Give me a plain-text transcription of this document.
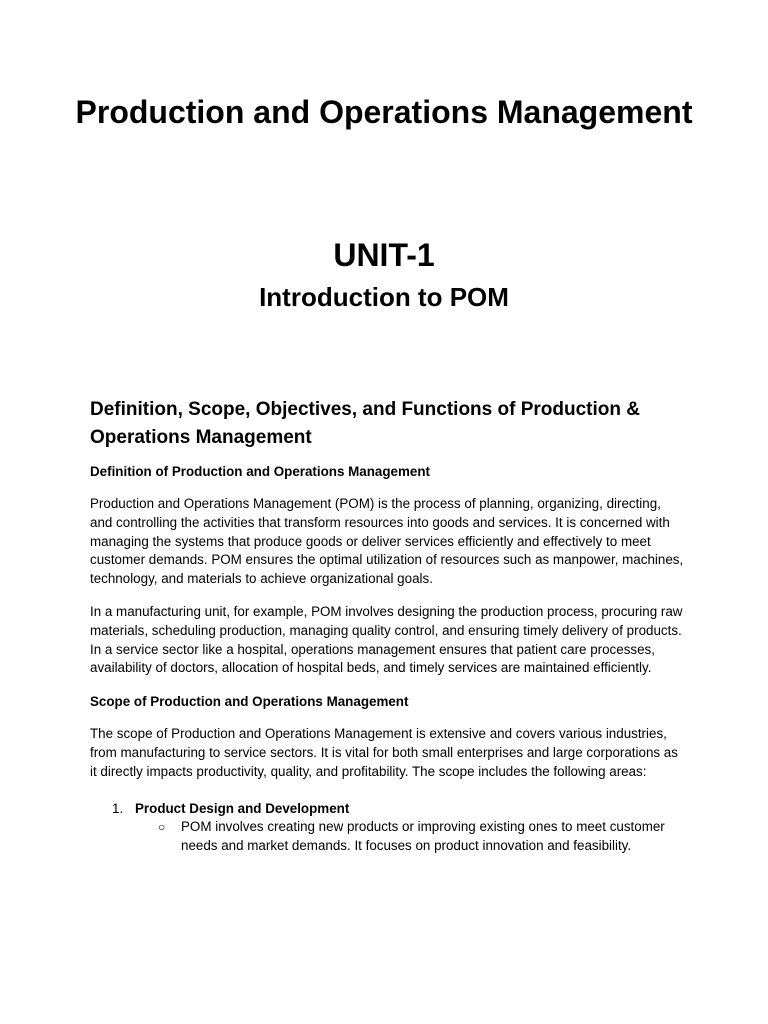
Production and Operations Management
UNIT-1
Introduction to POM
Definition, Scope, Objectives, and Functions of Production & Operations Management
Definition of Production and Operations Management

Production and Operations Management (POM) is the process of planning, organizing, directing, and controlling the activities that transform resources into goods and services. It is concerned with managing the systems that produce goods or deliver services efficiently and effectively to meet customer demands. POM ensures the optimal utilization of resources such as manpower, machines, technology, and materials to achieve organizational goals.

In a manufacturing unit, for example, POM involves designing the production process, procuring raw materials, scheduling production, managing quality control, and ensuring timely delivery of products. In a service sector like a hospital, operations management ensures that patient care processes, availability of doctors, allocation of hospital beds, and timely services are maintained efficiently.

Scope of Production and Operations Management

The scope of Production and Operations Management is extensive and covers various industries, from manufacturing to service sectors. It is vital for both small enterprises and large corporations as it directly impacts productivity, quality, and profitability. The scope includes the following areas:

1. Product Design and Development
○ POM involves creating new products or improving existing ones to meet customer needs and market demands. It focuses on product innovation and feasibility.
